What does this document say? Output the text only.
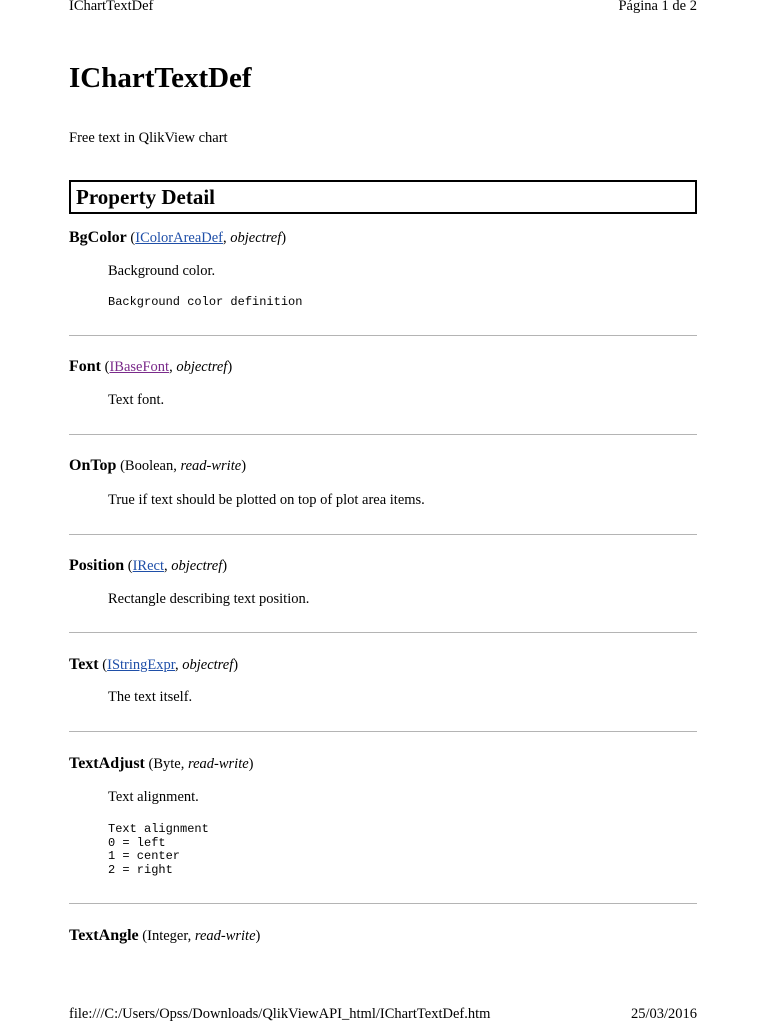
IChartTextDef	Página 1 de 2
IChartTextDef

Free text in QlikView chart

Property Detail
BgColor (IColorAreaDef, objectref)
Background color.
Background color definition
Font (IBaseFont, objectref)
Text font.
OnTop (Boolean, read-write)
True if text should be plotted on top of plot area items.
Position (IRect, objectref)
Rectangle describing text position.
Text (IStringExpr, objectref)
The text itself.
TextAdjust (Byte, read-write)
Text alignment.
Text alignment
0 = left
1 = center
2 = right
TextAngle (Integer, read-write)
file:///C:/Users/Opss/Downloads/QlikViewAPI_html/IChartTextDef.htm	25/03/2016
